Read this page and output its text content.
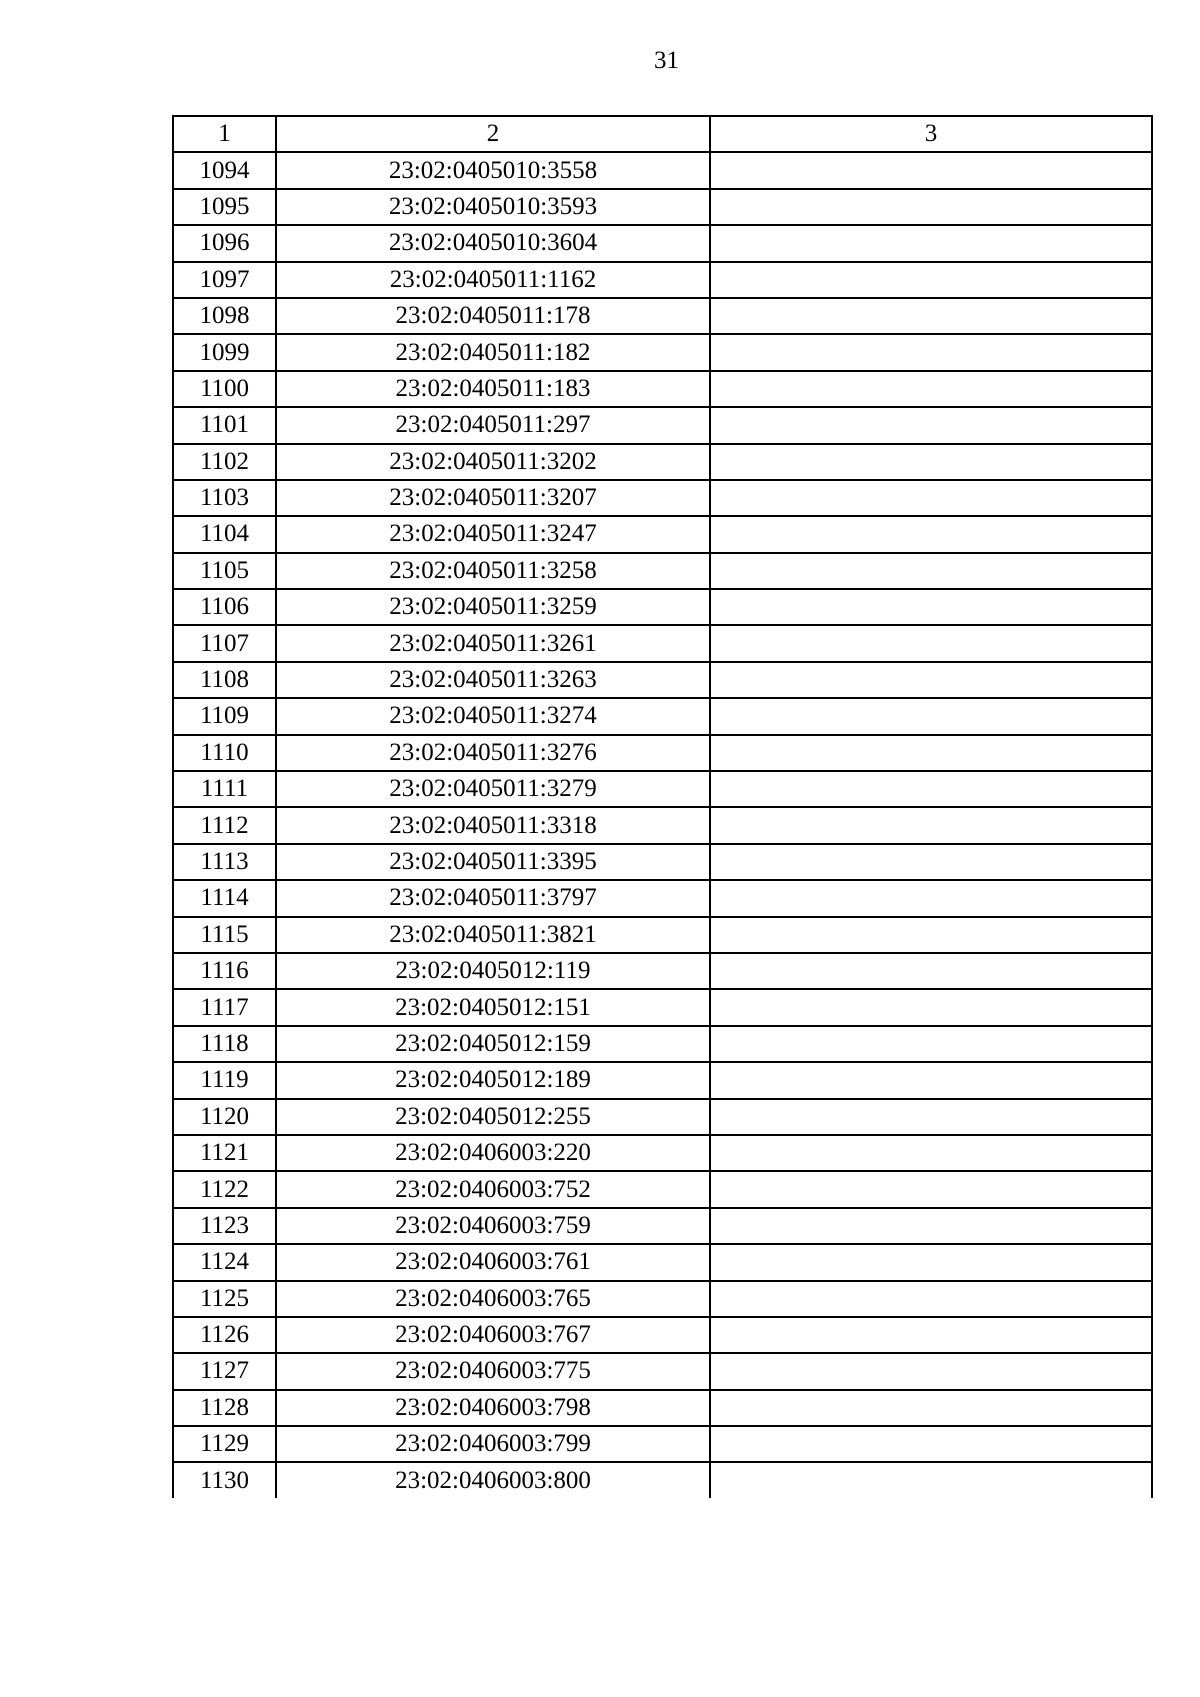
31
1	2	3
1094	23:02:0405010:3558	
1095	23:02:0405010:3593	
1096	23:02:0405010:3604	
1097	23:02:0405011:1162	
1098	23:02:0405011:178	
1099	23:02:0405011:182	
1100	23:02:0405011:183	
1101	23:02:0405011:297	
1102	23:02:0405011:3202	
1103	23:02:0405011:3207	
1104	23:02:0405011:3247	
1105	23:02:0405011:3258	
1106	23:02:0405011:3259	
1107	23:02:0405011:3261	
1108	23:02:0405011:3263	
1109	23:02:0405011:3274	
1110	23:02:0405011:3276	
1111	23:02:0405011:3279	
1112	23:02:0405011:3318	
1113	23:02:0405011:3395	
1114	23:02:0405011:3797	
1115	23:02:0405011:3821	
1116	23:02:0405012:119	
1117	23:02:0405012:151	
1118	23:02:0405012:159	
1119	23:02:0405012:189	
1120	23:02:0405012:255	
1121	23:02:0406003:220	
1122	23:02:0406003:752	
1123	23:02:0406003:759	
1124	23:02:0406003:761	
1125	23:02:0406003:765	
1126	23:02:0406003:767	
1127	23:02:0406003:775	
1128	23:02:0406003:798	
1129	23:02:0406003:799	
1130	23:02:0406003:800	
